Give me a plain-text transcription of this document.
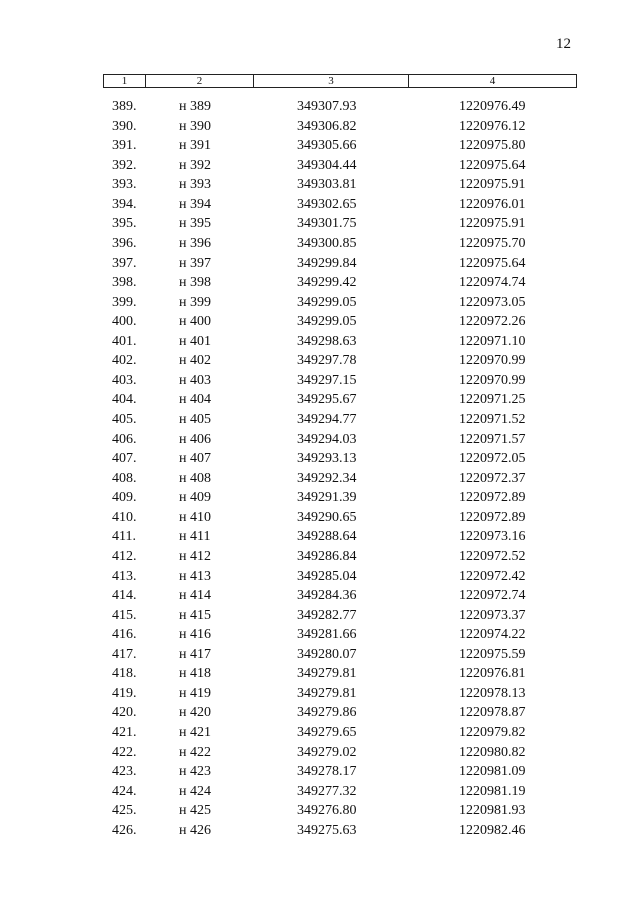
12
1	2	3	4
389.	н 389	349307.93	1220976.49
390.	н 390	349306.82	1220976.12
391.	н 391	349305.66	1220975.80
392.	н 392	349304.44	1220975.64
393.	н 393	349303.81	1220975.91
394.	н 394	349302.65	1220976.01
395.	н 395	349301.75	1220975.91
396.	н 396	349300.85	1220975.70
397.	н 397	349299.84	1220975.64
398.	н 398	349299.42	1220974.74
399.	н 399	349299.05	1220973.05
400.	н 400	349299.05	1220972.26
401.	н 401	349298.63	1220971.10
402.	н 402	349297.78	1220970.99
403.	н 403	349297.15	1220970.99
404.	н 404	349295.67	1220971.25
405.	н 405	349294.77	1220971.52
406.	н 406	349294.03	1220971.57
407.	н 407	349293.13	1220972.05
408.	н 408	349292.34	1220972.37
409.	н 409	349291.39	1220972.89
410.	н 410	349290.65	1220972.89
411.	н 411	349288.64	1220973.16
412.	н 412	349286.84	1220972.52
413.	н 413	349285.04	1220972.42
414.	н 414	349284.36	1220972.74
415.	н 415	349282.77	1220973.37
416.	н 416	349281.66	1220974.22
417.	н 417	349280.07	1220975.59
418.	н 418	349279.81	1220976.81
419.	н 419	349279.81	1220978.13
420.	н 420	349279.86	1220978.87
421.	н 421	349279.65	1220979.82
422.	н 422	349279.02	1220980.82
423.	н 423	349278.17	1220981.09
424.	н 424	349277.32	1220981.19
425.	н 425	349276.80	1220981.93
426.	н 426	349275.63	1220982.46
